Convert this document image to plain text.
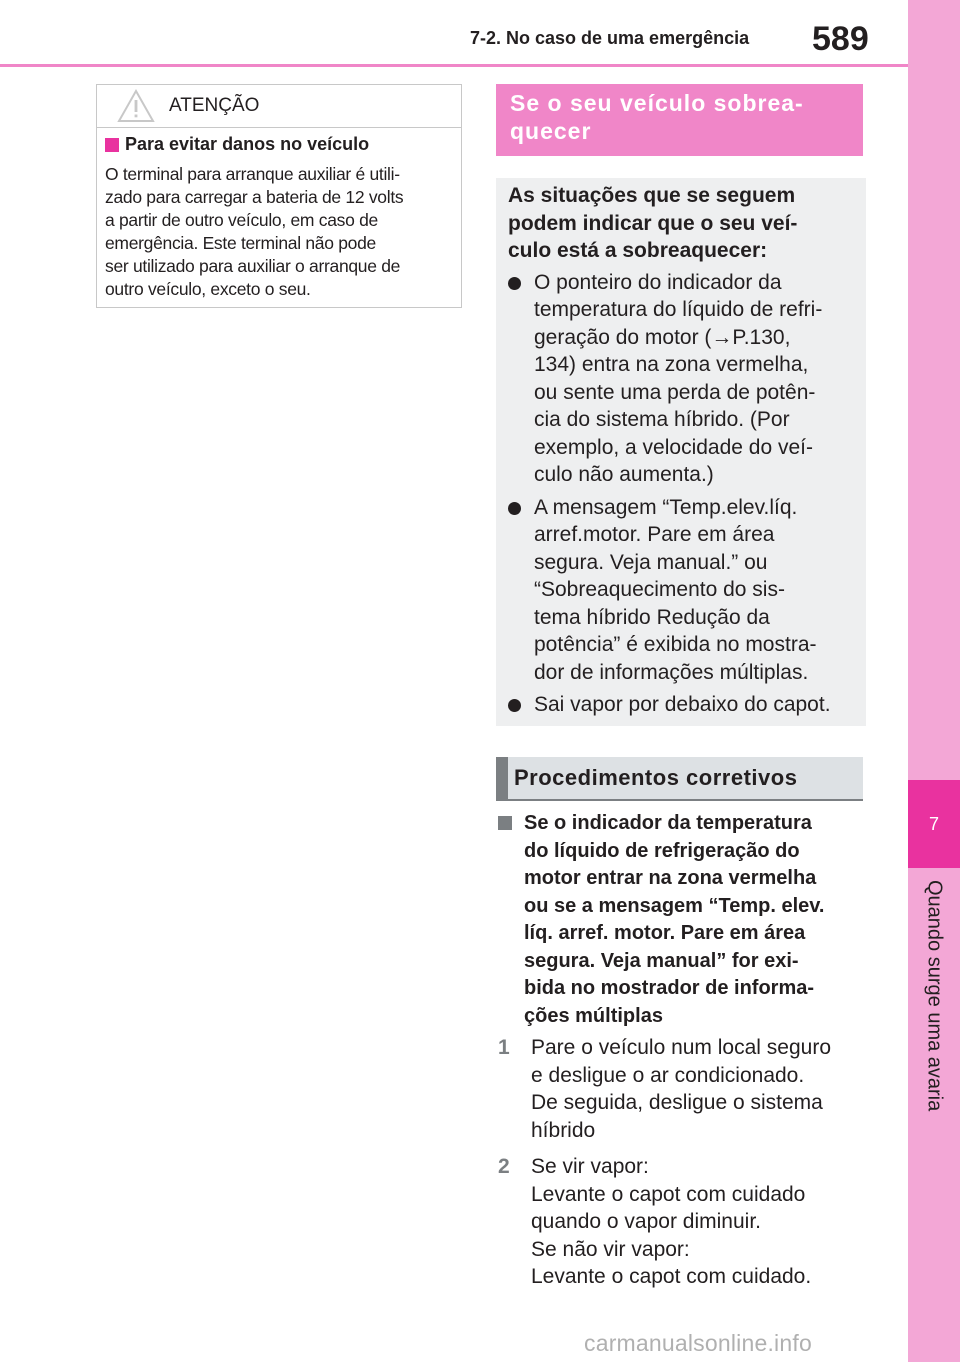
7-2. No caso de uma emergência	589
7
Quando surge uma avaria
ATENÇÃO
Para evitar danos no veículo
O terminal para arranque auxiliar é utili-
zado para carregar a bateria de 12 volts
a partir de outro veículo, em caso de
emergência. Este terminal não pode
ser utilizado para auxiliar o arranque de
outro veículo, exceto o seu.
Se o seu veículo sobrea-
quecer
As situações que se seguem
podem indicar que o seu veí-
culo está a sobreaquecer:
O ponteiro do indicador da
temperatura do líquido de refri-
geração do motor (→P.130,
134) entra na zona vermelha,
ou sente uma perda de potên-
cia do sistema híbrido. (Por
exemplo, a velocidade do veí-
culo não aumenta.)
A mensagem “Temp.elev.líq.
arref.motor. Pare em área
segura. Veja manual.” ou
“Sobreaquecimento do sis-
tema híbrido Redução da
potência” é exibida no mostra-
dor de informações múltiplas.
Sai vapor por debaixo do capot.
Procedimentos corretivos
Se o indicador da temperatura
do líquido de refrigeração do
motor entrar na zona vermelha
ou se a mensagem “Temp. elev.
líq. arref. motor. Pare em área
segura. Veja manual” for exi-
bida no mostrador de informa-
ções múltiplas
1	Pare o veículo num local seguro
e desligue o ar condicionado.
De seguida, desligue o sistema
híbrido
2	Se vir vapor:
Levante o capot com cuidado
quando o vapor diminuir.
Se não vir vapor:
Levante o capot com cuidado.
carmanualsonline.info
